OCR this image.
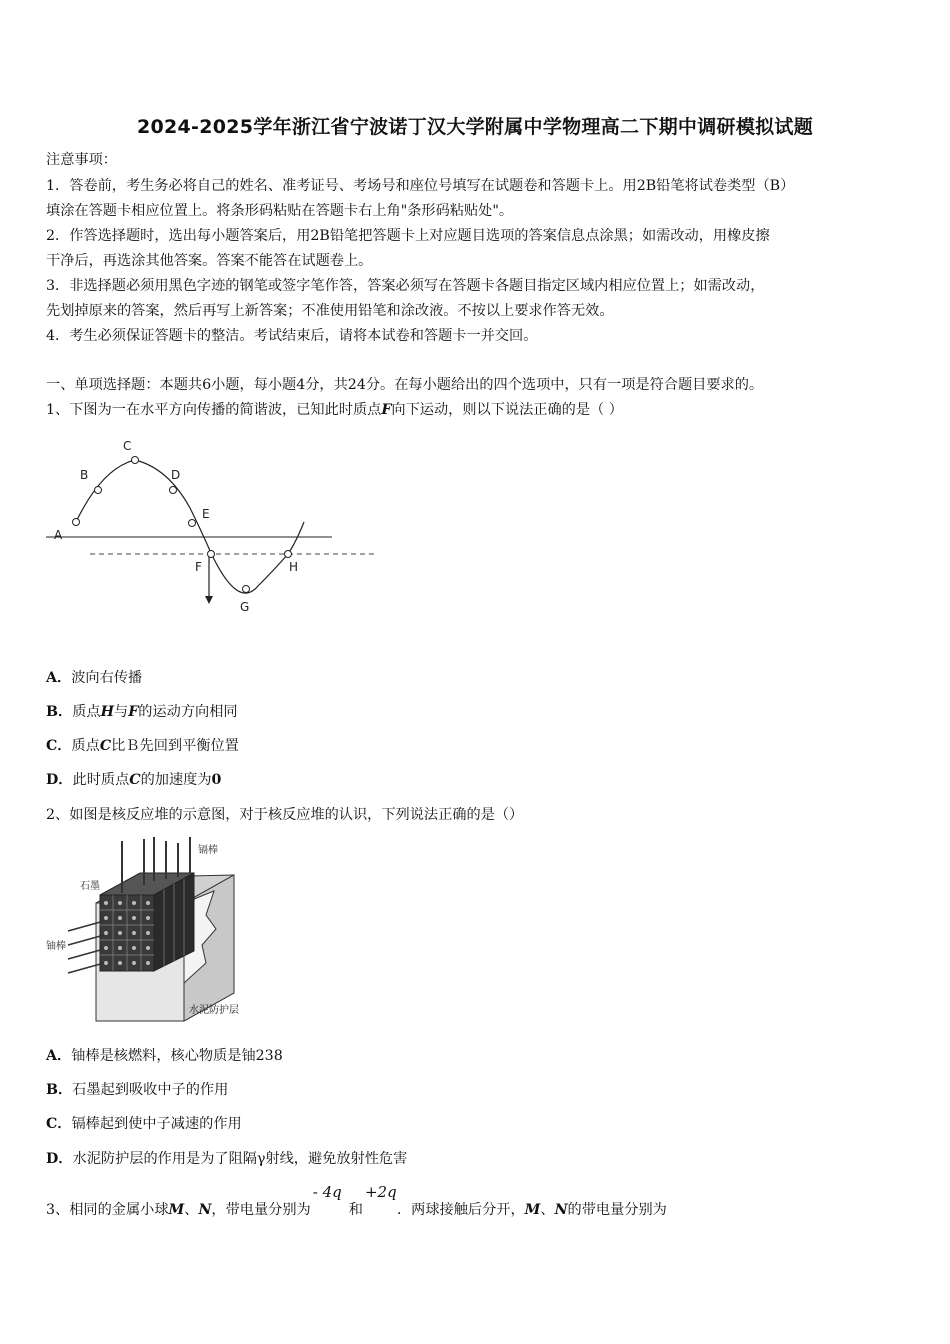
2024-2025学年浙江省宁波诺丁汉大学附属中学物理高二下期中调研模拟试题
注意事项：
1．答卷前，考生务必将自己的姓名、准考证号、考场号和座位号填写在试题卷和答题卡上。用2B铅笔将试卷类型（B）
填涂在答题卡相应位置上。将条形码粘贴在答题卡右上角"条形码粘贴处"。
2．作答选择题时，选出每小题答案后，用2B铅笔把答题卡上对应题目选项的答案信息点涂黑；如需改动，用橡皮擦
干净后，再选涂其他答案。答案不能答在试题卷上。
3．非选择题必须用黑色字迹的钢笔或签字笔作答，答案必须写在答题卡各题目指定区域内相应位置上；如需改动，
先划掉原来的答案，然后再写上新答案；不准使用铅笔和涂改液。不按以上要求作答无效。
4．考生必须保证答题卡的整洁。考试结束后，请将本试卷和答题卡一并交回。
一、单项选择题：本题共6小题，每小题4分，共24分。在每小题给出的四个选项中，只有一项是符合题目要求的。
1、下图为一在水平方向传播的简谐波，已知此时质点F向下运动，则以下说法正确的是（ ）
A
B
C
D
E
F
G
H
A．波向右传播
B．质点H与F的运动方向相同
C．质点C比Ｂ先回到平衡位置
D．此时质点C的加速度为0
2、如图是核反应堆的示意图，对于核反应堆的认识，下列说法正确的是（）
镉棒
石墨
铀棒
水泥防护层
A．铀棒是核燃料，核心物质是铀238
B．石墨起到吸收中子的作用
C．镉棒起到使中子减速的作用
D．水泥防护层的作用是为了阻隔γ射线，避免放射性危害
3、相同的金属小球M、N，带电量分别为
- 4q
和
+2q
．两球接触后分开，M、N的带电量分别为
